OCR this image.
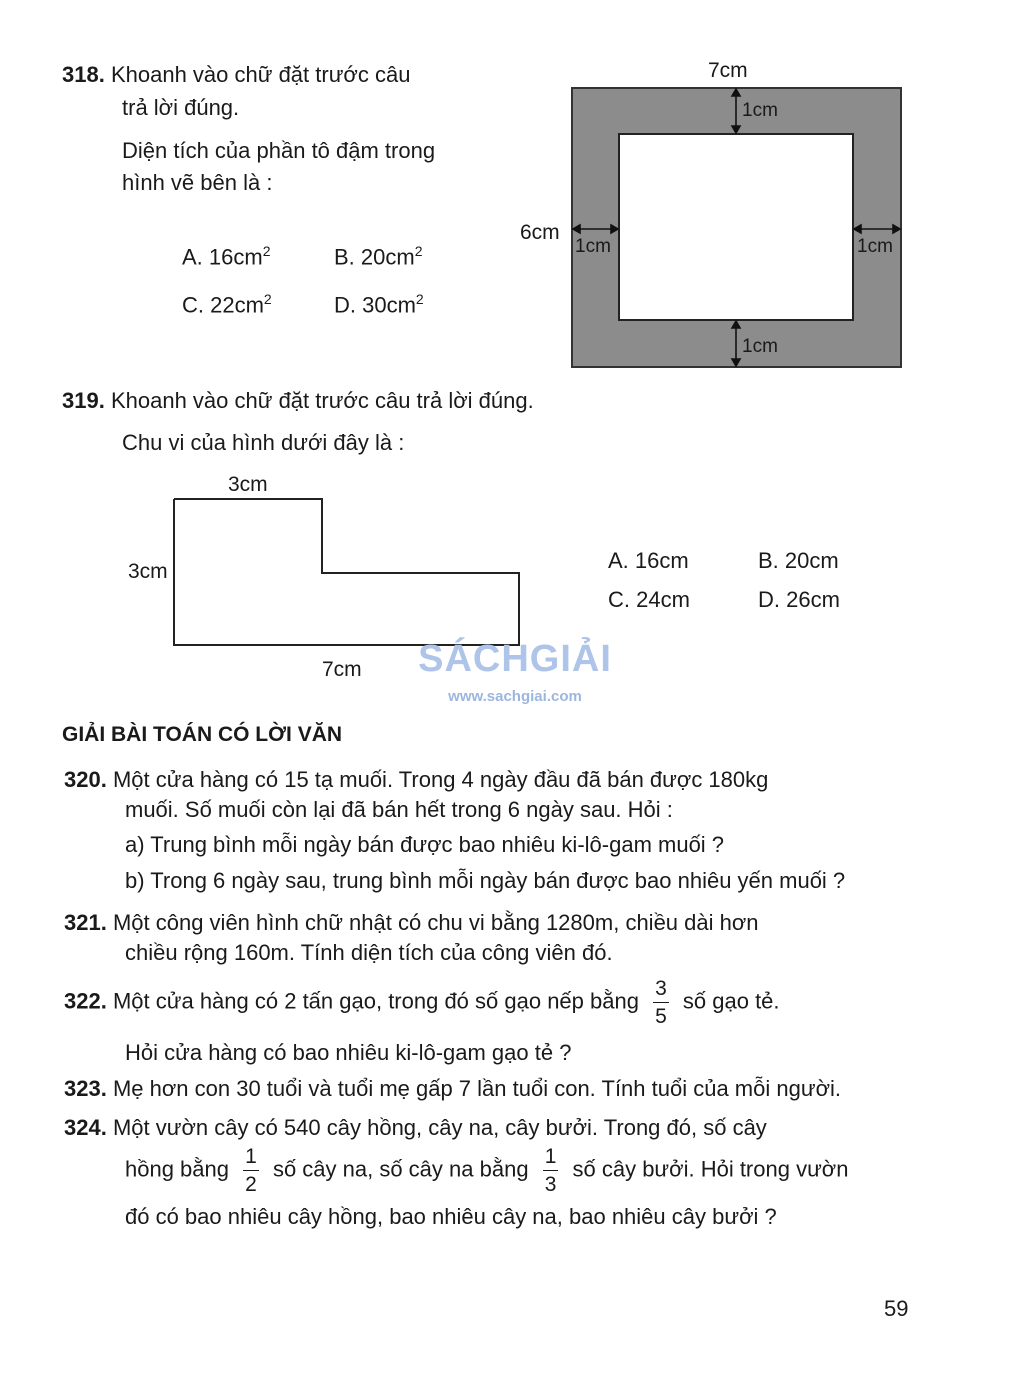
318. Khoanh vào chữ đặt trước câu
trả lời đúng.
Diện tích của phần tô đậm trong
hình vẽ bên là :
A. $16cm^2$	B. $20cm^2$
C. $22cm^2$	D. $30cm^2$
7cm
6cm
1cm
1cm	1cm
1cm
319. Khoanh vào chữ đặt trước câu trả lời đúng.
Chu vi của hình dưới đây là :
3cm
3cm
7cm
A. 16cm	B. 20cm
C. 24cm	D. 26cm
SÁCHGIẢI
www.sachgiai.com
GIẢI BÀI TOÁN CÓ LỜI VĂN
320. Một cửa hàng có 15 tạ muối. Trong 4 ngày đầu đã bán được 180kg
muối. Số muối còn lại đã bán hết trong 6 ngày sau. Hỏi :
a) Trung bình mỗi ngày bán được bao nhiêu ki-lô-gam muối ?
b) Trong 6 ngày sau, trung bình mỗi ngày bán được bao nhiêu yến muối ?
321. Một công viên hình chữ nhật có chu vi bằng 1280m, chiều dài hơn
chiều rộng 160m. Tính diện tích của công viên đó.
322. Một cửa hàng có 2 tấn gạo, trong đó số gạo nếp bằng $\frac{3}{5}$ số gạo tẻ.
Hỏi cửa hàng có bao nhiêu ki-lô-gam gạo tẻ ?
323. Mẹ hơn con 30 tuổi và tuổi mẹ gấp 7 lần tuổi con. Tính tuổi của mỗi người.
324. Một vườn cây có 540 cây hồng, cây na, cây bưởi. Trong đó, số cây
hồng bằng $\frac{1}{2}$ số cây na, số cây na bằng $\frac{1}{3}$ số cây bưởi. Hỏi trong vườn
đó có bao nhiêu cây hồng, bao nhiêu cây na, bao nhiêu cây bưởi ?
59
